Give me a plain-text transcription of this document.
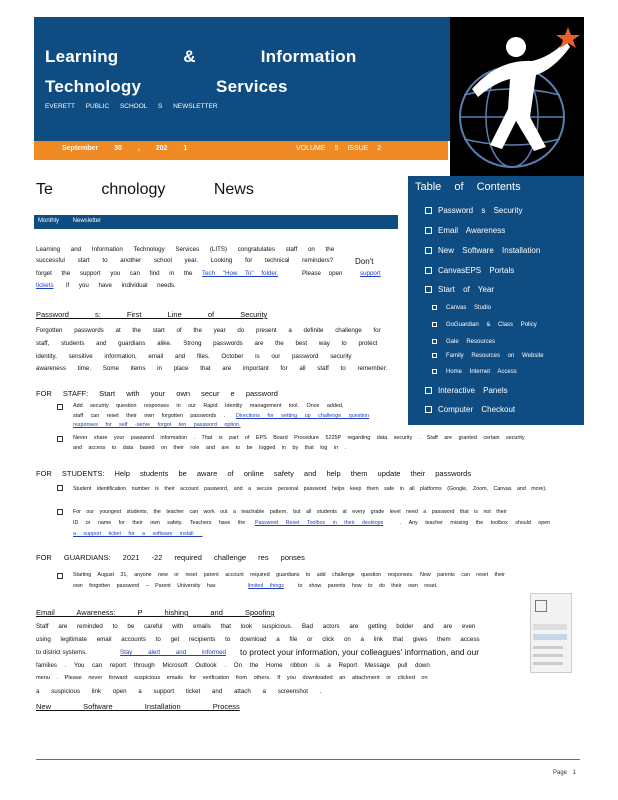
Learning & Information
Technology Services
EVERETT PUBLIC SCHOOL S NEWSLETTER
September 30 , 202 1	VOLUME 5 ISSUE 2
Te chnology News
Monthly Newsletter
Learning and Information Technology Services (LITS) congratulates staff on the
successful start to another school year. Looking for technical reminders?	Don't
forget the support you can find in the Tech "How To" folder.	Please open	support
tickets if you have individual needs.
Password s: First Line of Security
Forgotten passwords at the start of the year do present a definite challenge for
staff, students and guardians alike. Strong passwords are the best way to protect
identity, sensitive information, email and files. October is our password security
awareness time. Some items in place that are important for all staff to remember:
FOR STAFF: Start with your own secur e password
Add security question responses in our Rapid Identity management tool. Once added,
staff can reset their own forgotten passwords . Directions for setting up challenge question
responses for self -serve forgot ten password option.
Never share your password information . That is part of EPS Board Procedure 5225P regarding data security . Staff are granted certain security
and access to data based on their role and are to be logged in by that log in .
FOR STUDENTS: Help students be aware of online safety and help them update their passwords
Student identification number is their account password, and a secure personal password helps keep them safe in all platforms (Google, Zoom, Canvas and more).
For our youngest students, the teacher can work out a teachable pattern, but all students at every grade level need a password that is not their
ID or name for their own safety. Teachers have the Password Reset Toolbox in their desktops	. Any teacher missing the toolbox should open
a support ticket for a software install .
FOR GUARDIANS: 2021 -22 required challenge res ponses
Starting August 31, anyone new or reset parent account required guardians to add challenge question responses. Now parents can reset their
own forgotten password – Parent University has	limited things	to show parents how to do their own reset.
Email Awareness: P hishing and Spoofing
Staff are reminded to be careful with emails that look suspicious. Bad actors are getting bolder and are even
using legitimate email accounts to get recipients to download a file or click on a link that gives them access
to district systems.	Stay alert and informed to protect your information, your colleagues' information, and our
families . You can report through Microsoft Outlook . On the Home ribbon is a Report Message pull down
menu . Please never forward suspicious emails for verification from others. If you downloaded an attachment or clicked on
a suspicious link open a support ticket and attach a screenshot .
New Software Installation Process
Table of Contents
Password s Security
Email Awareness
New Software Installation
CanvasEPS Portals
Start of Year
Canvas Studio
GoGuardian & Class Policy
Gale Resources
Family Resources on Website
Home Internet Access
Interactive Panels
Computer Checkout
Page 1
